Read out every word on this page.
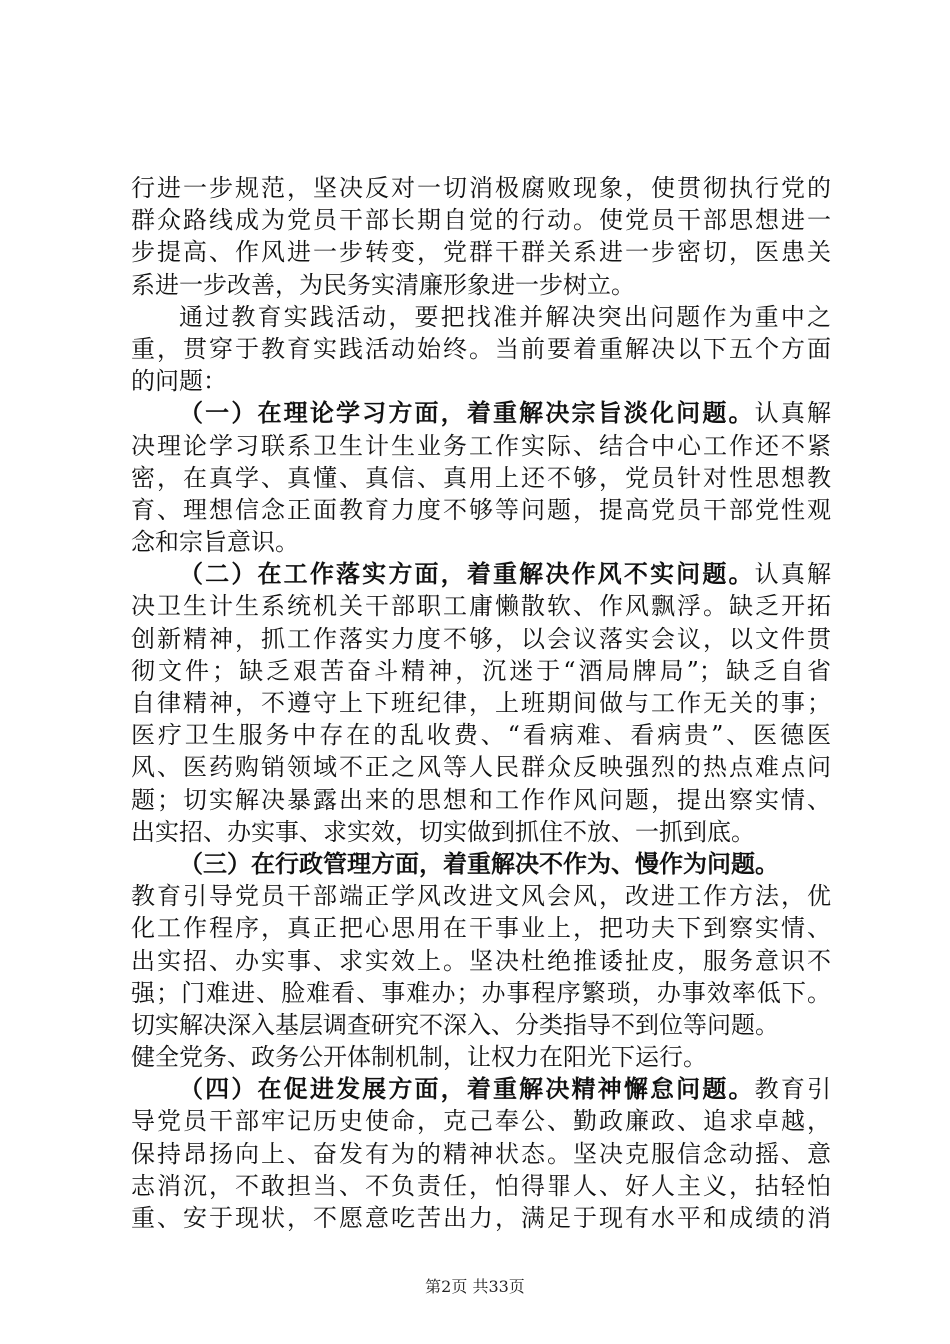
行进一步规范，坚决反对一切消极腐败现象，使贯彻执行党的
群众路线成为党员干部长期自觉的行动。使党员干部思想进一
步提高、作风进一步转变，党群干群关系进一步密切，医患关
系进一步改善，为民务实清廉形象进一步树立。
通过教育实践活动，要把找准并解决突出问题作为重中之
重，贯穿于教育实践活动始终。当前要着重解决以下五个方面
的问题：
（一）在理论学习方面，着重解决宗旨淡化问题。认真解
决理论学习联系卫生计生业务工作实际、结合中心工作还不紧
密，在真学、真懂、真信、真用上还不够，党员针对性思想教
育、理想信念正面教育力度不够等问题，提高党员干部党性观
念和宗旨意识。
（二）在工作落实方面，着重解决作风不实问题。认真解
决卫生计生系统机关干部职工庸懒散软、作风飘浮。缺乏开拓
创新精神，抓工作落实力度不够，以会议落实会议，以文件贯
彻文件；缺乏艰苦奋斗精神，沉迷于“酒局牌局”；缺乏自省
自律精神，不遵守上下班纪律，上班期间做与工作无关的事；
医疗卫生服务中存在的乱收费、“看病难、看病贵”、医德医
风、医药购销领域不正之风等人民群众反映强烈的热点难点问
题；切实解决暴露出来的思想和工作作风问题，提出察实情、
出实招、办实事、求实效，切实做到抓住不放、一抓到底。
（三）在行政管理方面，着重解决不作为、慢作为问题。
教育引导党员干部端正学风改进文风会风，改进工作方法，优
化工作程序，真正把心思用在干事业上，把功夫下到察实情、
出实招、办实事、求实效上。坚决杜绝推诿扯皮，服务意识不
强；门难进、脸难看、事难办；办事程序繁琐，办事效率低下。
切实解决深入基层调查研究不深入、分类指导不到位等问题。
健全党务、政务公开体制机制，让权力在阳光下运行。
（四）在促进发展方面，着重解决精神懈怠问题。教育引
导党员干部牢记历史使命，克己奉公、勤政廉政、追求卓越，
保持昂扬向上、奋发有为的精神状态。坚决克服信念动摇、意
志消沉，不敢担当、不负责任，怕得罪人、好人主义，拈轻怕
重、安于现状，不愿意吃苦出力，满足于现有水平和成绩的消
第2页 共33页
